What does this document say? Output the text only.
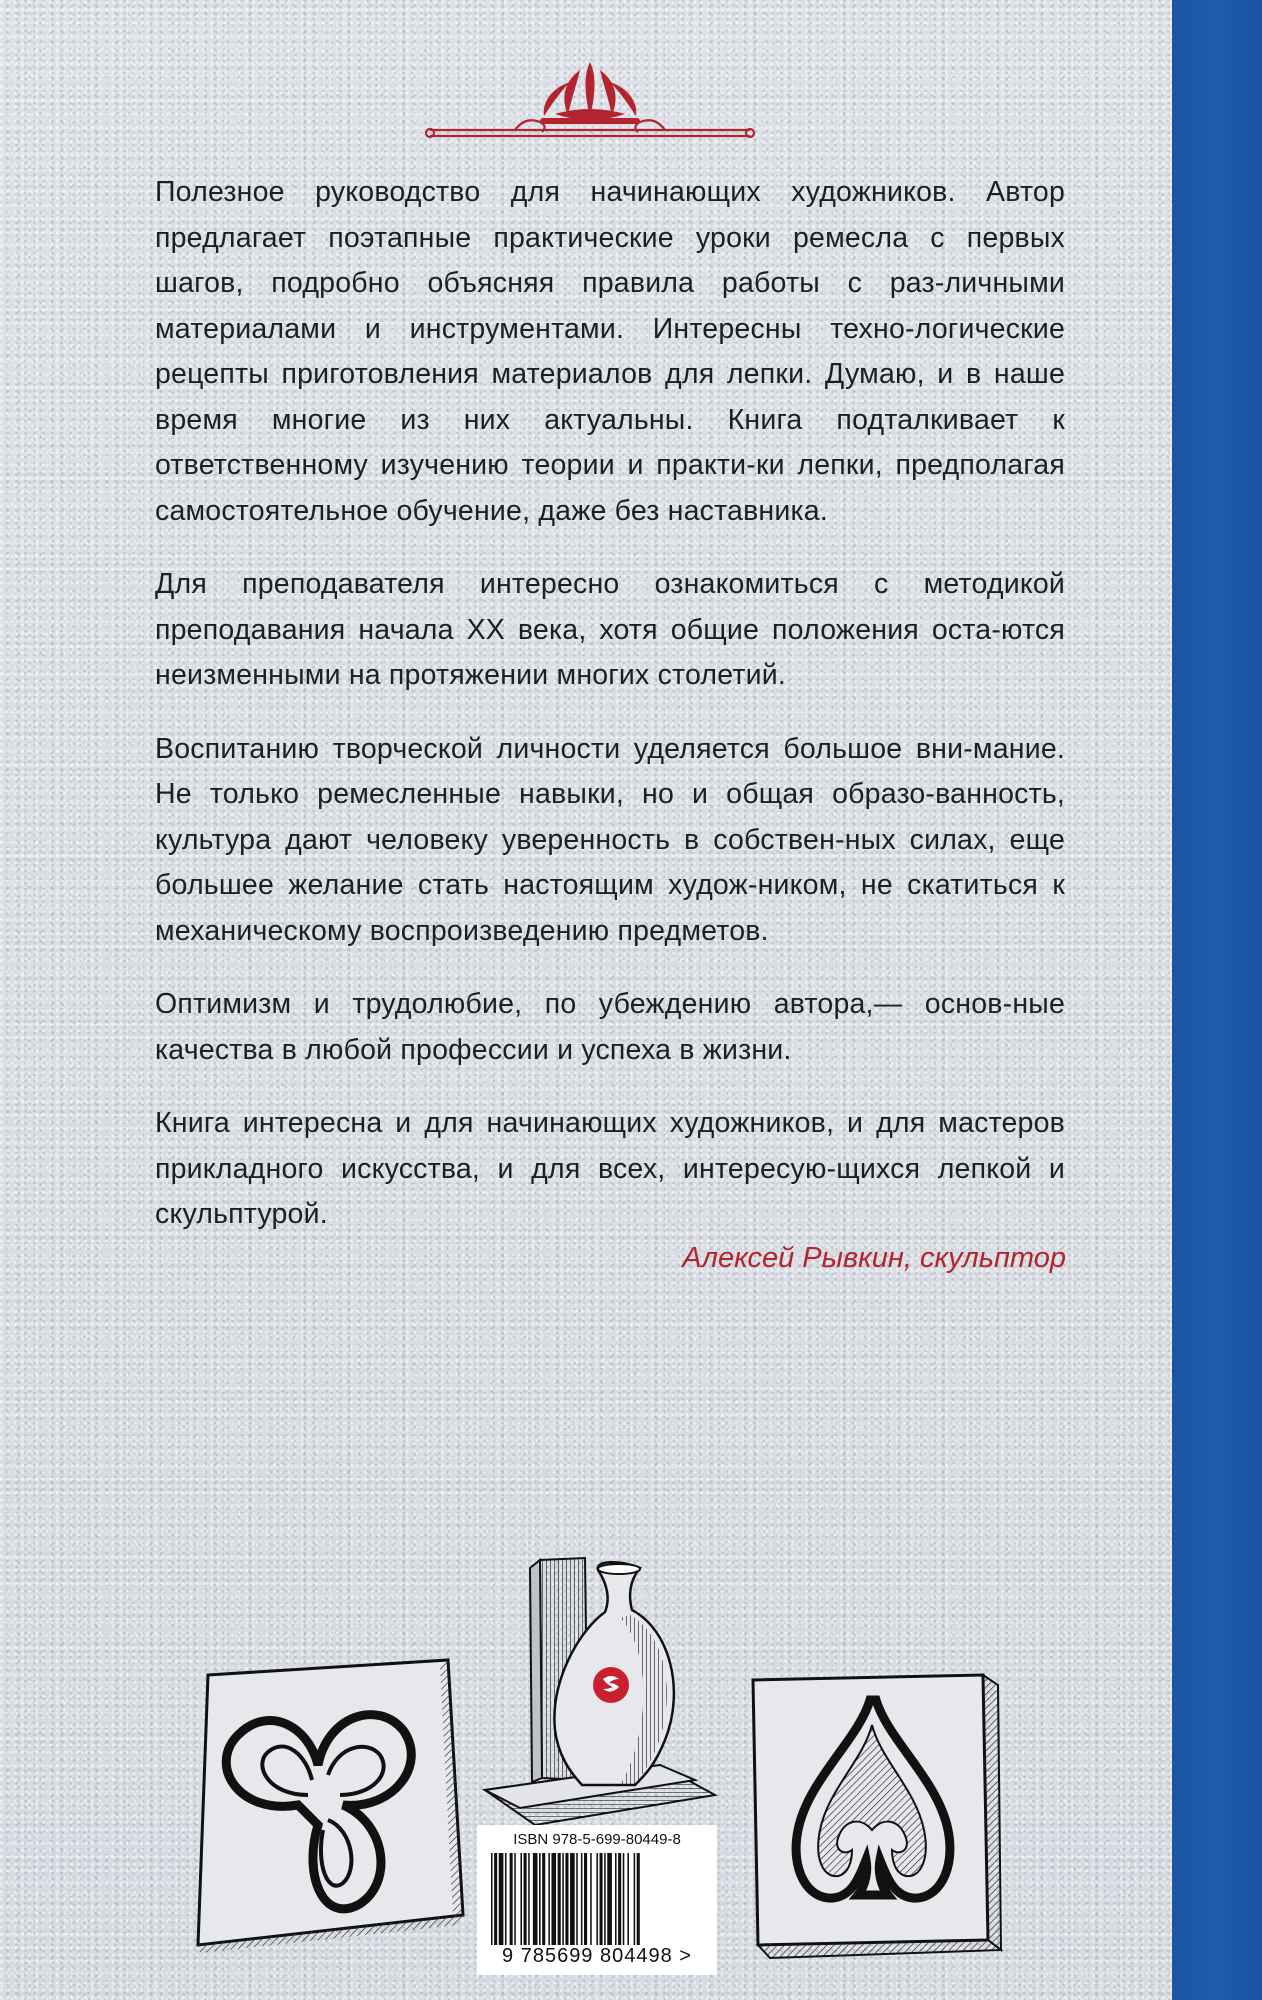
Полезное руководство для начинающих художников. Автор предлагает поэтапные практические уроки ремесла с первых шагов, подробно объясняя правила работы с раз-личными материалами и инструментами. Интересны техно-логические рецепты приготовления материалов для лепки. Думаю, и в наше время многие из них актуальны. Книга подталкивает к ответственному изучению теории и практи-ки лепки, предполагая самостоятельное обучение, даже без наставника.

Для преподавателя интересно ознакомиться с методикой преподавания начала XX века, хотя общие положения оста-ются неизменными на протяжении многих столетий.

Воспитанию творческой личности уделяется большое вни-мание. Не только ремесленные навыки, но и общая образо-ванность, культура дают человеку уверенность в собствен-ных силах, еще большее желание стать настоящим худож-ником, не скатиться к механическому воспроизведению предметов.

Оптимизм и трудолюбие, по убеждению автора,— основ-ные качества в любой профессии и успеха в жизни.

Книга интересна и для начинающих художников, и для мастеров прикладного искусства, и для всех, интересую-щихся лепкой и скульптурой.

Алексей Рывкин, скульптор
ISBN 978-5-699-80449-8
9 785699 804498 >
